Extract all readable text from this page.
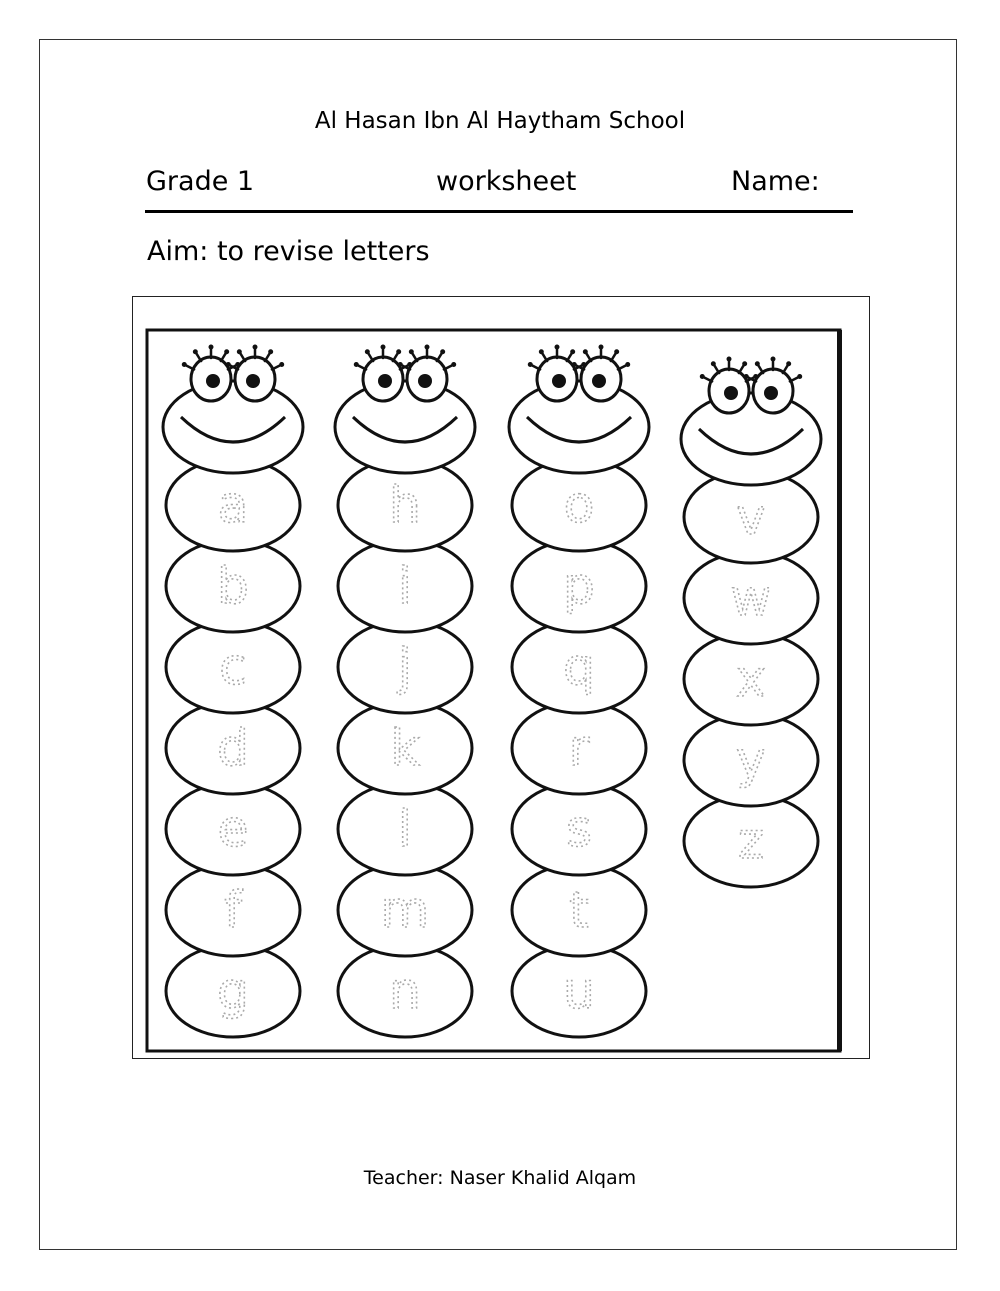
Al Hasan Ibn Al Haytham School
Grade 1	worksheet	Name:
Aim: to revise letters
g
f
e
d
c
b
a
n
m
l
k
j
i
h
u
t
s
r
q
p
o
z
y
x
w
v
Teacher: Naser Khalid Alqam
